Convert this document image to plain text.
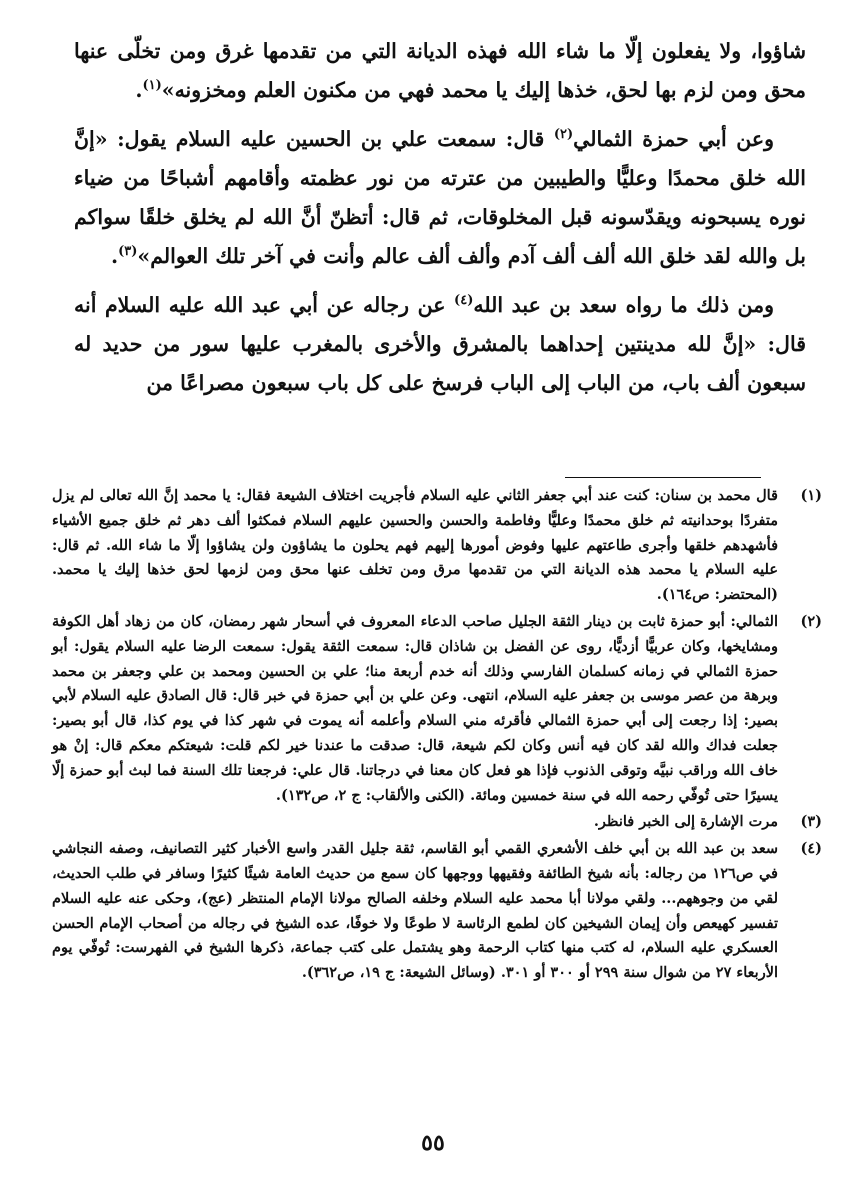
شاؤوا، ولا يفعلون إلّا ما شاء الله فهذه الديانة التي من تقدمها غرق ومن تخلّى عنها محق ومن لزم بها لحق، خذها إليك يا محمد فهي من مكنون العلم ومخزونه»$^{(١)}$.

وعن أبي حمزة الثمالي$^{(٢)}$ قال: سمعت علي بن الحسين عليه السلام يقول: «إنَّ الله خلق محمدًا وعليًّا والطيبين من عترته من نور عظمته وأقامهم أشباحًا من ضياء نوره يسبحونه ويقدّسونه قبل المخلوقات، ثم قال: أتظنّ أنَّ الله لم يخلق خلقًا سواكم بل والله لقد خلق الله ألف ألف آدم وألف ألف عالم وأنت في آخر تلك العوالم»$^{(٣)}$.

ومن ذلك ما رواه سعد بن عبد الله$^{(٤)}$ عن رجاله عن أبي عبد الله عليه السلام أنه قال: «إنَّ لله مدينتين إحداهما بالمشرق والأخرى بالمغرب عليها سور من حديد له سبعون ألف باب، من الباب إلى الباب فرسخ على كل باب سبعون مصراعًا من

(١)
قال محمد بن سنان: كنت عند أبي جعفر الثاني عليه السلام فأجريت اختلاف الشيعة فقال: يا محمد إنَّ الله تعالى لم يزل متفردًا بوحدانيته ثم خلق محمدًا وعليًّا وفاطمة والحسن والحسين عليهم السلام فمكثوا ألف دهر ثم خلق جميع الأشياء فأشهدهم خلقها وأجرى طاعتهم عليها وفوض أمورها إليهم فهم يحلون ما يشاؤون ولن يشاؤوا إلّا ما شاء الله. ثم قال: عليه السلام يا محمد هذه الديانة التي من تقدمها مرق ومن تخلف عنها محق ومن لزمها لحق خذها إليك يا محمد. (المحتضر: ص١٦٤).
(٢)
الثمالي: أبو حمزة ثابت بن دينار الثقة الجليل صاحب الدعاء المعروف في أسحار شهر رمضان، كان من زهاد أهل الكوفة ومشايخها، وكان عربيًّا أزديًّا، روى عن الفضل بن شاذان قال: سمعت الثقة يقول: سمعت الرضا عليه السلام يقول: أبو حمزة الثمالي في زمانه كسلمان الفارسي وذلك أنه خدم أربعة منا؛ علي بن الحسين ومحمد بن علي وجعفر بن محمد وبرهة من عصر موسى بن جعفر عليه السلام، انتهى. وعن علي بن أبي حمزة في خبر قال: قال الصادق عليه السلام لأبي بصير: إذا رجعت إلى أبي حمزة الثمالي فأقرئه مني السلام وأعلمه أنه يموت في شهر كذا في يوم كذا، قال أبو بصير: جعلت فداك والله لقد كان فيه أنس وكان لكم شيعة، قال: صدقت ما عندنا خير لكم قلت: شيعتكم معكم قال: إنْ هو خاف الله وراقب نبيَّه وتوقى الذنوب فإذا هو فعل كان معنا في درجاتنا. قال علي: فرجعنا تلك السنة فما لبث أبو حمزة إلّا يسيرًا حتى تُوفّي رحمه الله في سنة خمسين ومائة. (الكنى والألقاب: ج ٢، ص١٣٢).
(٣)
مرت الإشارة إلى الخبر فانظر.
(٤)
سعد بن عبد الله بن أبي خلف الأشعري القمي أبو القاسم، ثقة جليل القدر واسع الأخبار كثير التصانيف، وصفه النجاشي في ص١٢٦ من رجاله: بأنه شيخ الطائفة وفقيهها ووجهها كان سمع من حديث العامة شيئًا كثيرًا وسافر في طلب الحديث، لقي من وجوههم... ولقي مولانا أبا محمد عليه السلام وخلفه الصالح مولانا الإمام المنتظر (عج)، وحكى عنه عليه السلام تفسير كهيعص وأن إيمان الشيخين كان لطمع الرئاسة لا طوعًا ولا خوفًا، عده الشيخ في رجاله من أصحاب الإمام الحسن العسكري عليه السلام، له كتب منها كتاب الرحمة وهو يشتمل على كتب جماعة، ذكرها الشيخ في الفهرست: تُوفّي يوم الأربعاء ٢٧ من شوال سنة ٢٩٩ أو ٣٠٠ أو ٣٠١. (وسائل الشيعة: ج ١٩، ص٣٦٢).
٥٥
